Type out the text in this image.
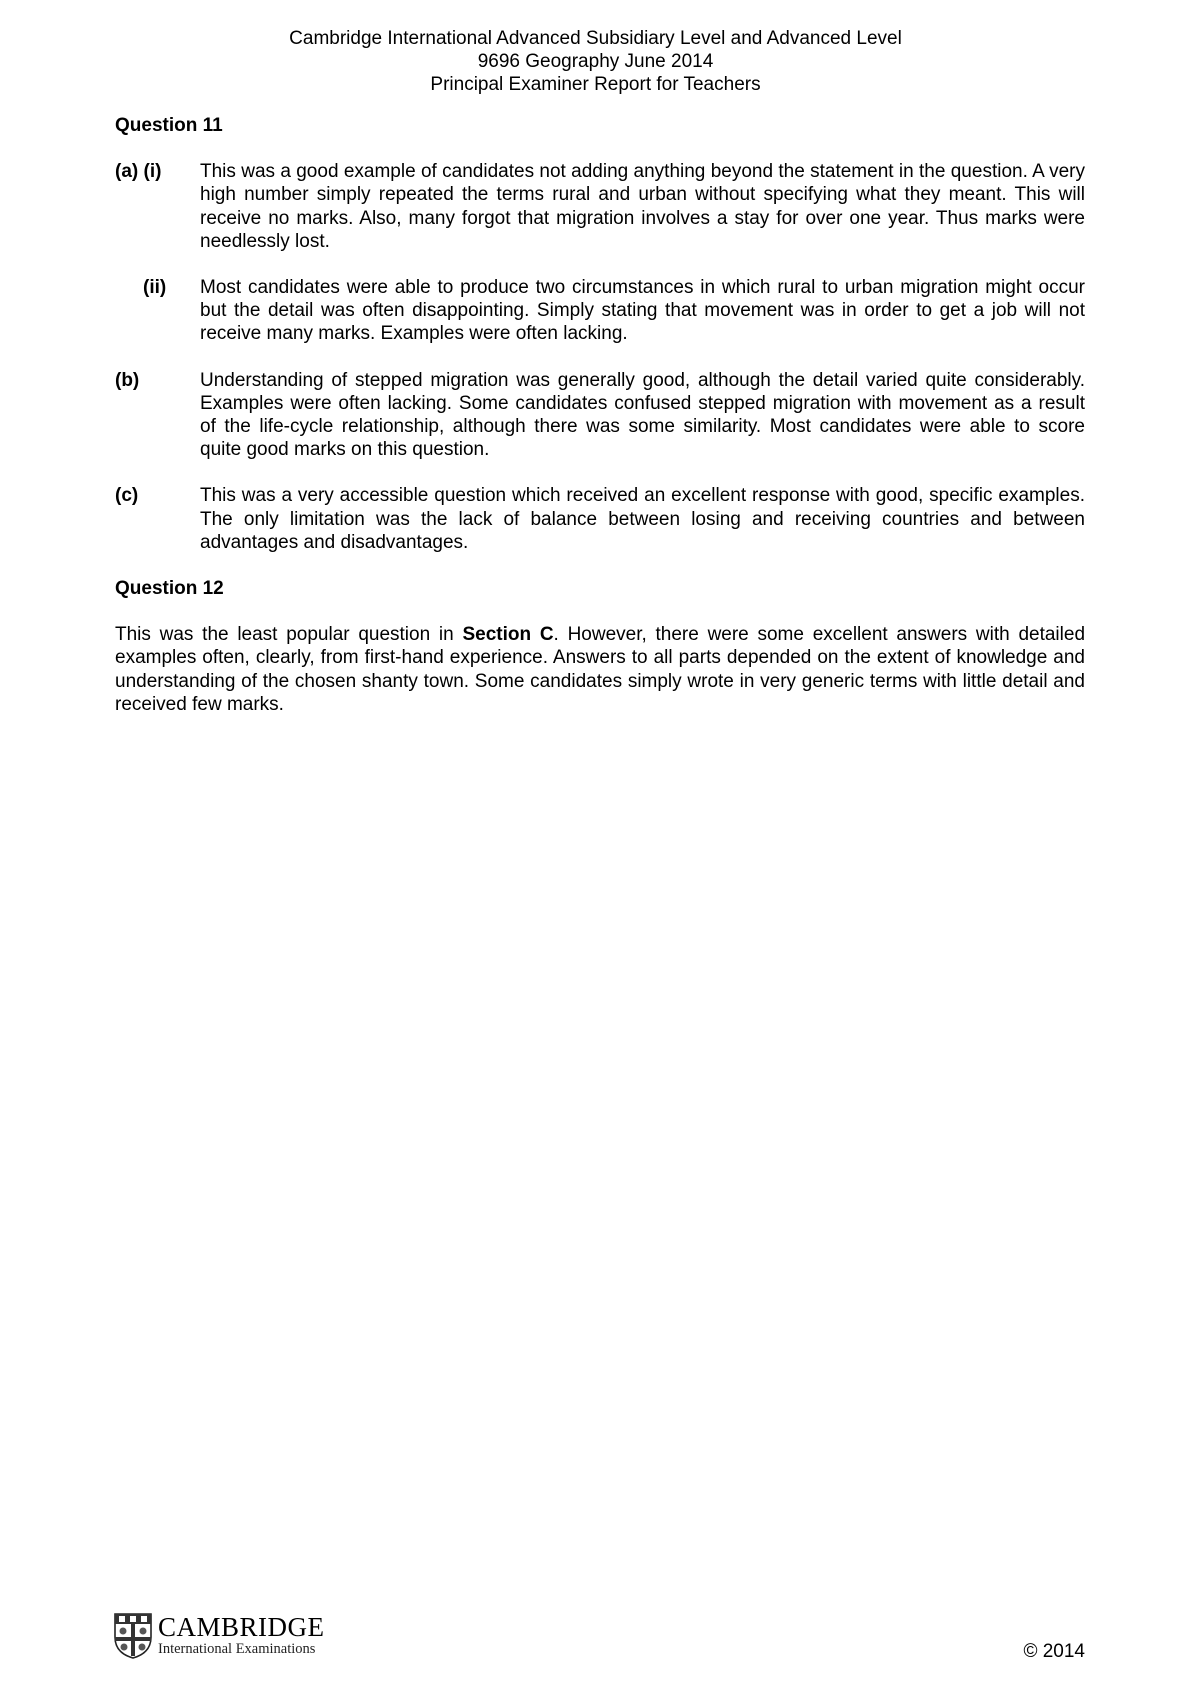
Cambridge International Advanced Subsidiary Level and Advanced Level
9696 Geography June 2014
Principal Examiner Report for Teachers
Question 11
(a) (i)	This was a good example of candidates not adding anything beyond the statement in the question. A very high number simply repeated the terms rural and urban without specifying what they meant. This will receive no marks. Also, many forgot that migration involves a stay for over one year. Thus marks were needlessly lost.
(ii)	Most candidates were able to produce two circumstances in which rural to urban migration might occur but the detail was often disappointing. Simply stating that movement was in order to get a job will not receive many marks. Examples were often lacking.
(b)	Understanding of stepped migration was generally good, although the detail varied quite considerably. Examples were often lacking. Some candidates confused stepped migration with movement as a result of the life-cycle relationship, although there was some similarity. Most candidates were able to score quite good marks on this question.
(c)	This was a very accessible question which received an excellent response with good, specific examples. The only limitation was the lack of balance between losing and receiving countries and between advantages and disadvantages.
Question 12

This was the least popular question in Section C. However, there were some excellent answers with detailed examples often, clearly, from first-hand experience. Answers to all parts depended on the extent of knowledge and understanding of the chosen shanty town. Some candidates simply wrote in very generic terms with little detail and received few marks.

CAMBRIDGE
International Examinations	© 2014
